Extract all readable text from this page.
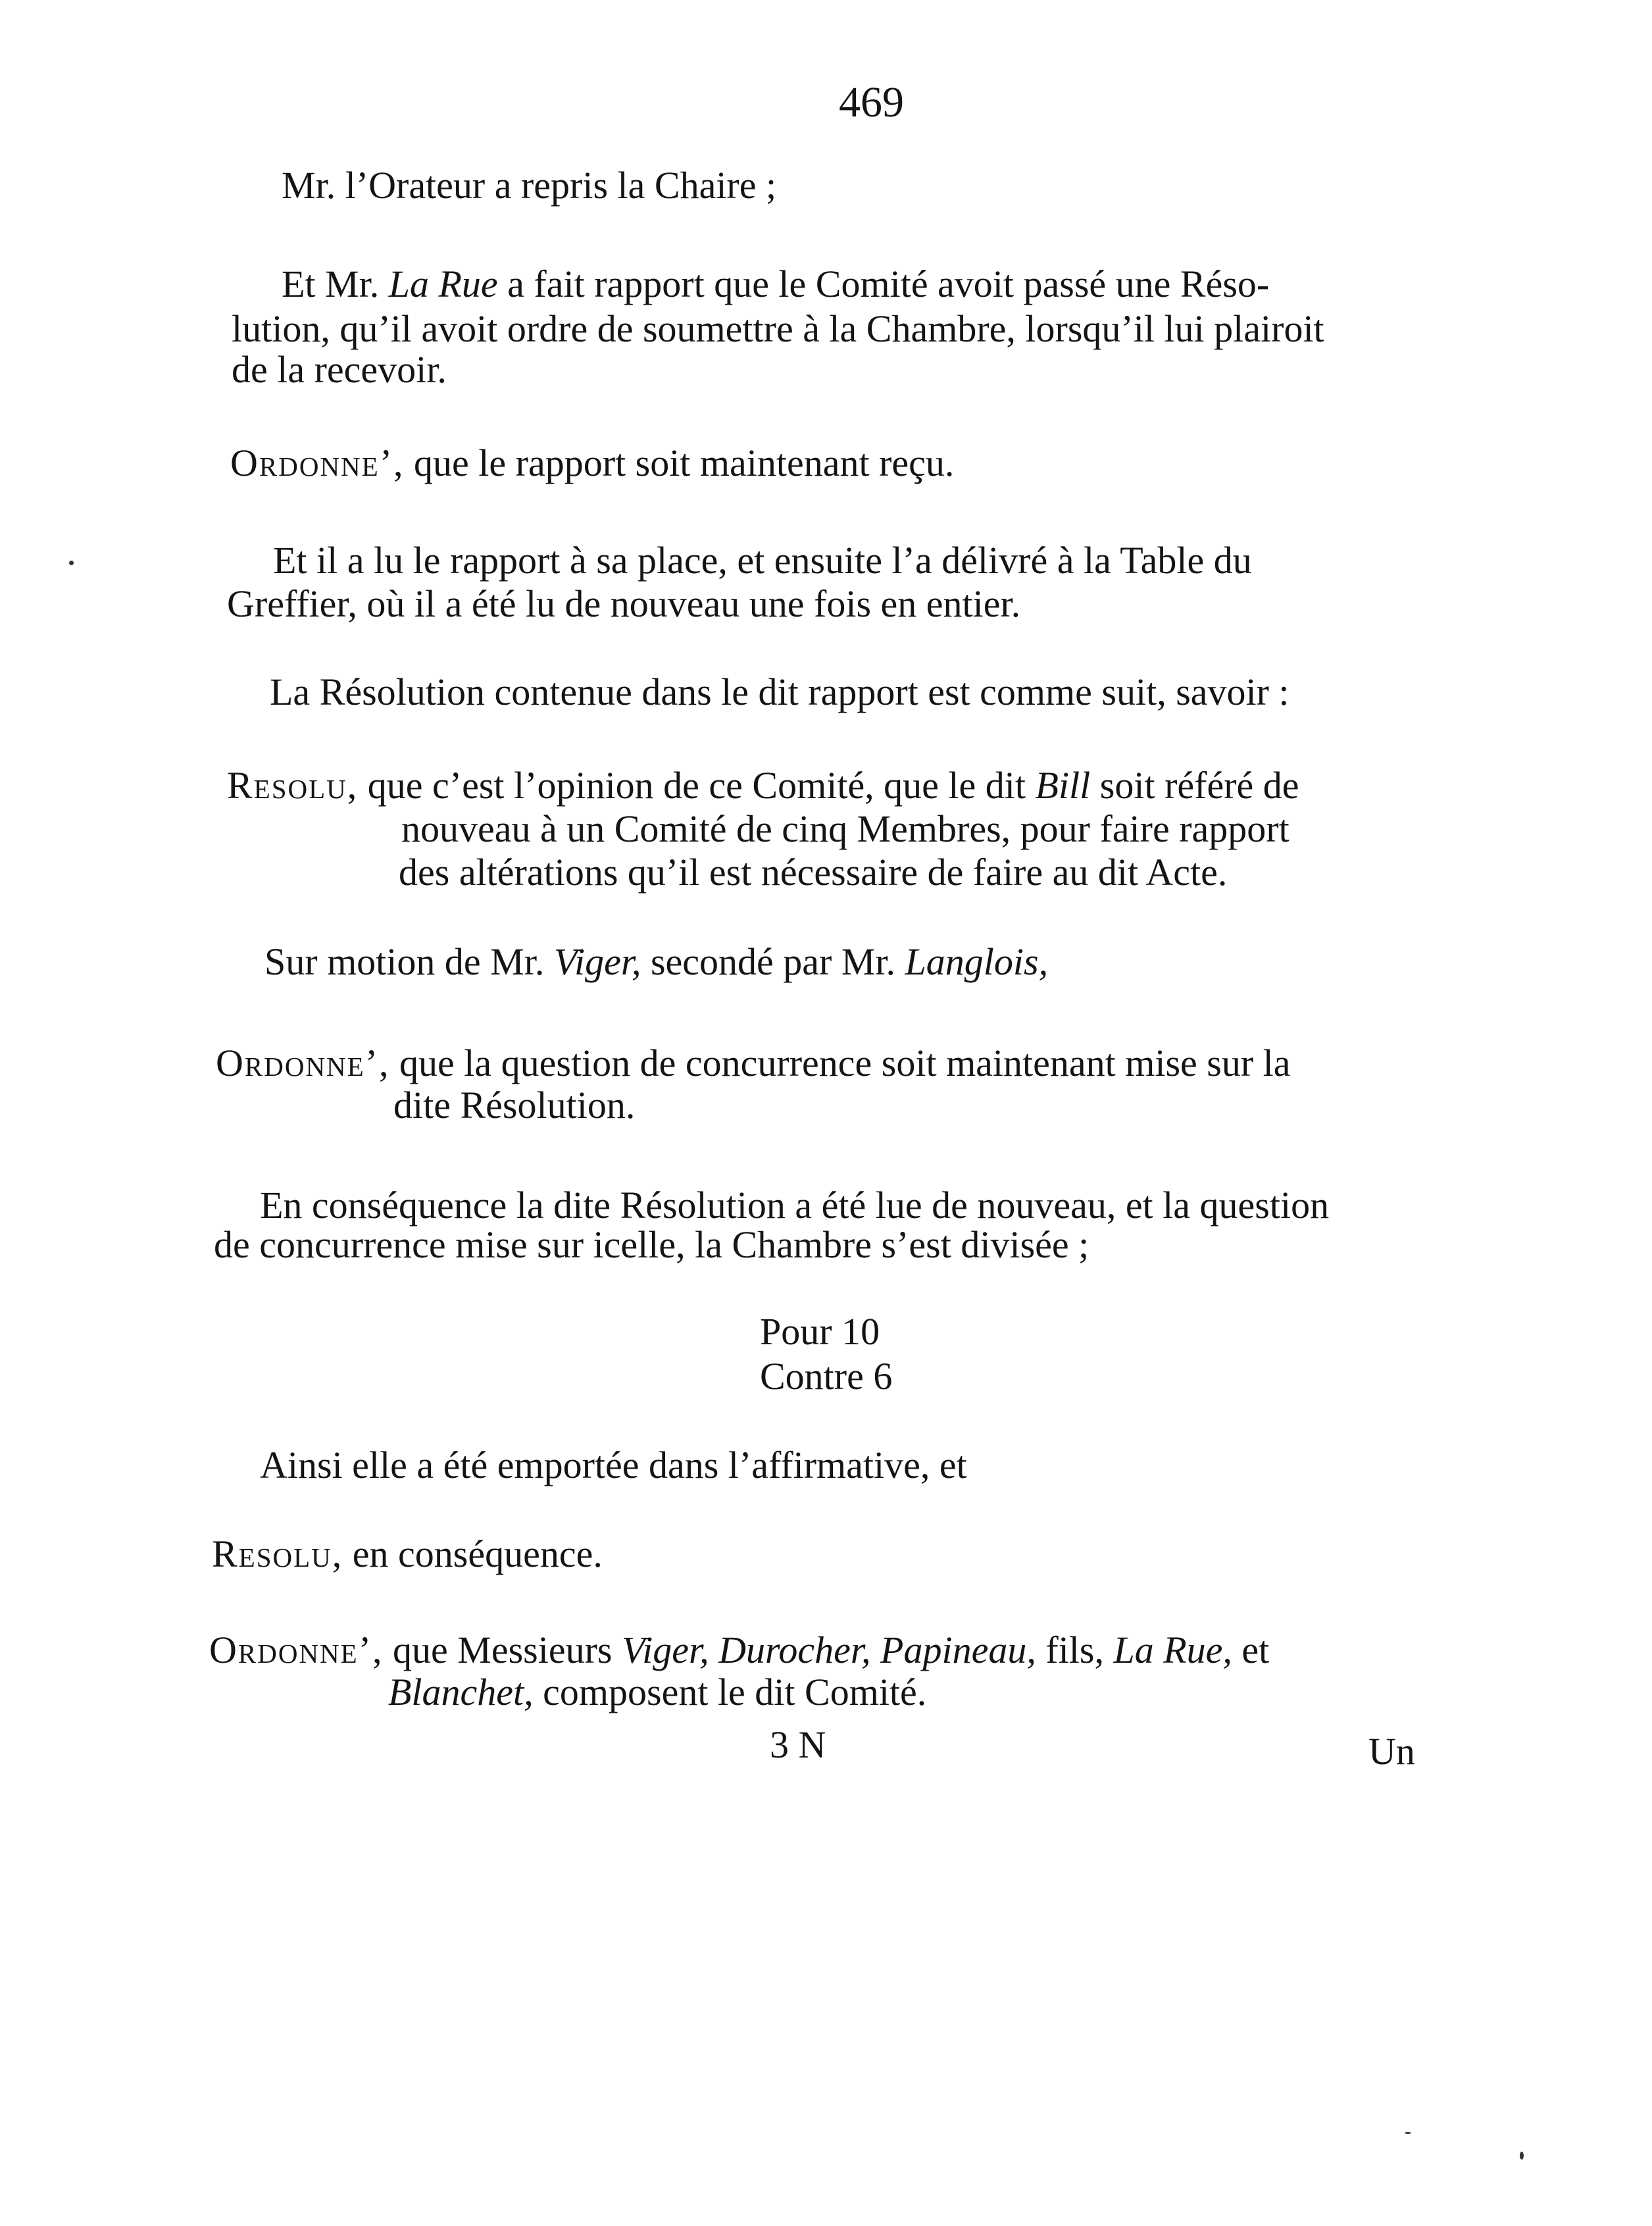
469
Mr. l’Orateur a repris la Chaire ;
Et Mr. La Rue a fait rapport que le Comité avoit passé une Réso-
lution, qu’il avoit ordre de soumettre à la Chambre, lorsqu’il lui plairoit
de la recevoir.
Ordonne’, que le rapport soit maintenant reçu.
Et il a lu le rapport à sa place, et ensuite l’a délivré à la Table du
Greffier, où il a été lu de nouveau une fois en entier.
La Résolution contenue dans le dit rapport est comme suit, savoir :
Resolu, que c’est l’opinion de ce Comité, que le dit Bill soit référé de
nouveau à un Comité de cinq Membres, pour faire rapport
des altérations qu’il est nécessaire de faire au dit Acte.
Sur motion de Mr. Viger, secondé par Mr. Langlois,
Ordonne’, que la question de concurrence soit maintenant mise sur la
dite Résolution.
En conséquence la dite Résolution a été lue de nouveau, et la question
de concurrence mise sur icelle, la Chambre s’est divisée ;
Pour 10
Contre 6
Ainsi elle a été emportée dans l’affirmative, et
Resolu, en conséquence.
Ordonne’, que Messieurs Viger, Durocher, Papineau, fils, La Rue, et
Blanchet, composent le dit Comité.
3 N	Un
